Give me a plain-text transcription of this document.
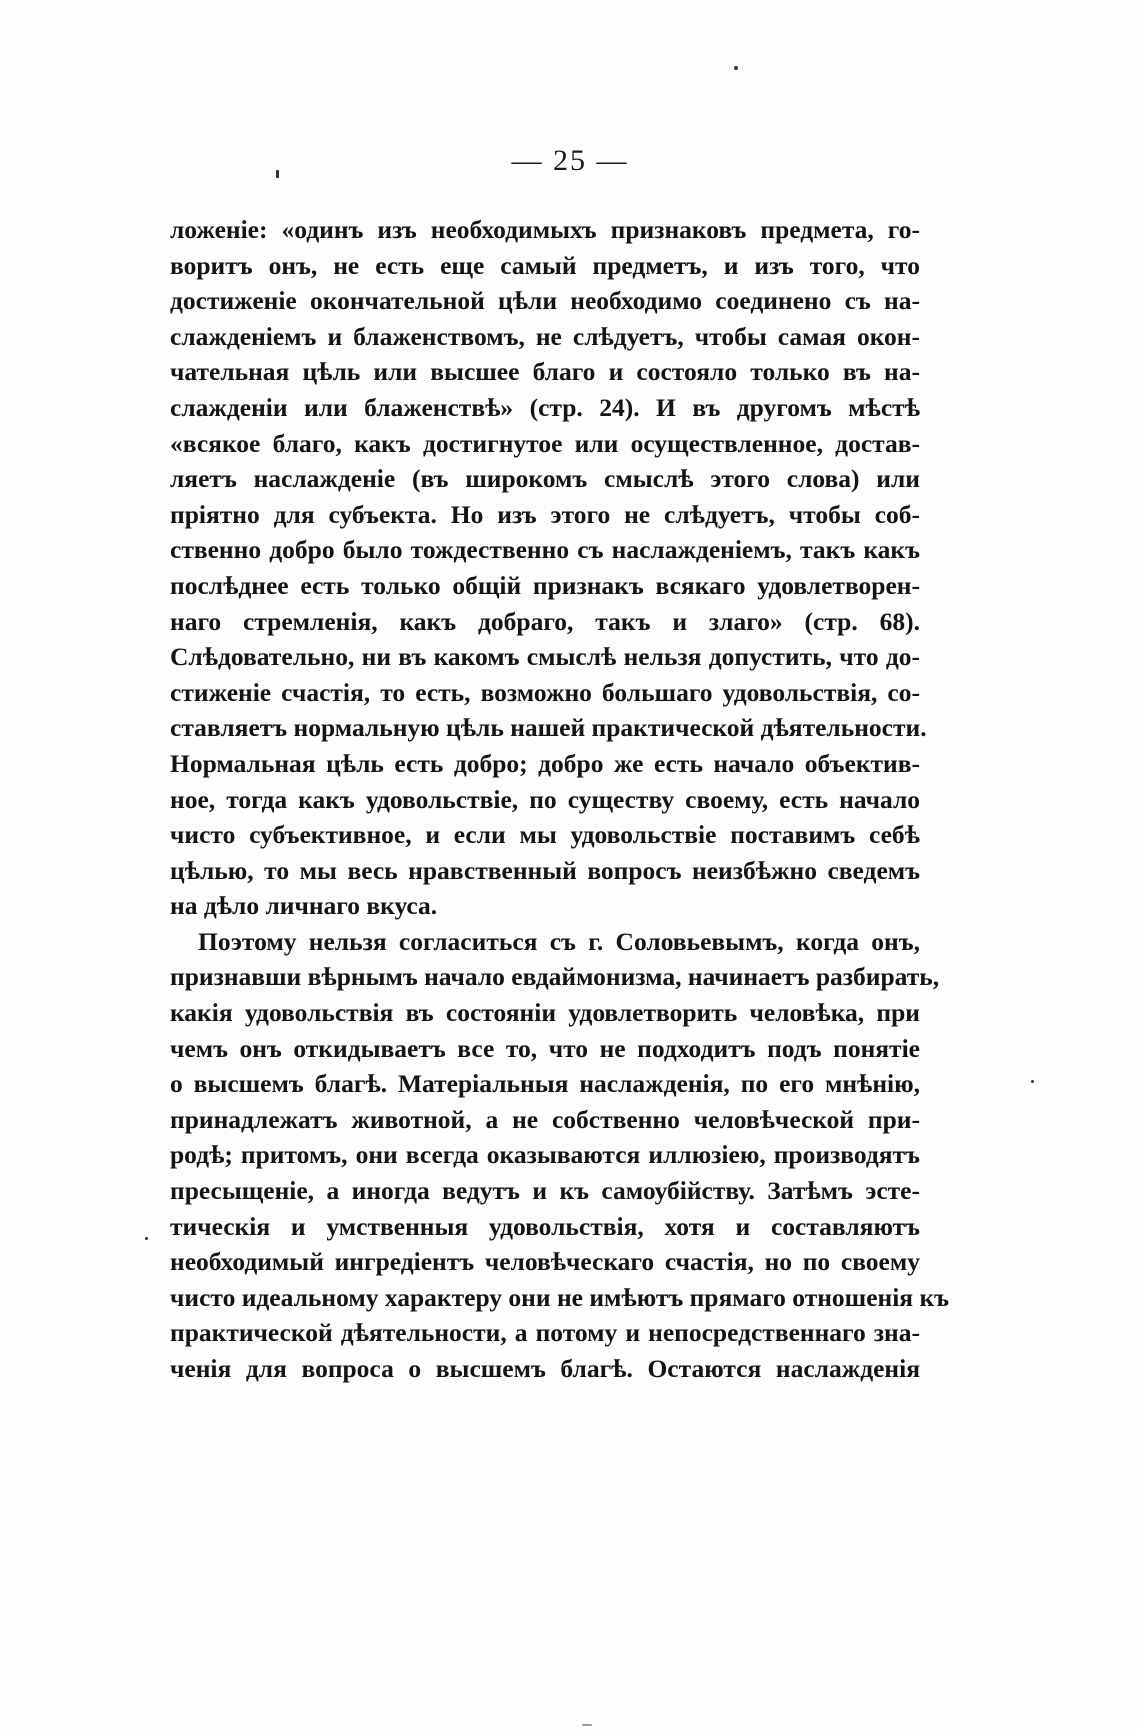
— 25 —
ложеніе: «одинъ изъ необходимыхъ признаковъ предмета, го-
воритъ онъ, не есть еще самый предметъ, и изъ того, что
достиженіе окончательной цѣли необходимо соединено съ на-
слажденіемъ и блаженствомъ, не слѣдуетъ, чтобы самая окон-
чательная цѣль или высшее благо и состояло только въ на-
слажденіи или блаженствѣ» (стр. 24). И въ другомъ мѣстѣ
«всякое благо, какъ достигнутое или осуществленное, достав-
ляетъ наслажденіе (въ широкомъ смыслѣ этого слова) или
пріятно для субъекта. Но изъ этого не слѣдуетъ, чтобы соб-
ственно добро было тождественно съ наслажденіемъ, такъ какъ
послѣднее есть только общій признакъ всякаго удовлетворен-
наго стремленія, какъ добраго, такъ и злаго» (стр. 68).
Слѣдовательно, ни въ какомъ смыслѣ нельзя допустить, что до-
стиженіе счастія, то есть, возможно большаго удовольствія, со-
ставляетъ нормальную цѣль нашей практической дѣятельности.
Нормальная цѣль есть добро; добро же есть начало объектив-
ное, тогда какъ удовольствіе, по существу своему, есть начало
чисто субъективное, и если мы удовольствіе поставимъ себѣ
цѣлью, то мы весь нравственный вопросъ неизбѣжно сведемъ
на дѣло личнаго вкуса.
Поэтому нельзя согласиться съ г. Соловьевымъ, когда онъ,
признавши вѣрнымъ начало евдаймонизма, начинаетъ разбирать,
какія удовольствія въ состояніи удовлетворить человѣка, при
чемъ онъ откидываетъ все то, что не подходитъ подъ понятіе
о высшемъ благѣ. Матеріальныя наслажденія, по его мнѣнію,
принадлежатъ животной, а не собственно человѣческой при-
родѣ; притомъ, они всегда оказываются иллюзіею, производятъ
пресыщеніе, а иногда ведутъ и къ самоубійству. Затѣмъ эсте-
тическія и умственныя удовольствія, хотя и составляютъ
необходимый ингредіентъ человѣческаго счастія, но по своему
чисто идеальному характеру они не имѣютъ прямаго отношенія къ
практической дѣятельности, а потому и непосредственнаго зна-
ченія для вопроса о высшемъ благѣ. Остаются наслажденія
